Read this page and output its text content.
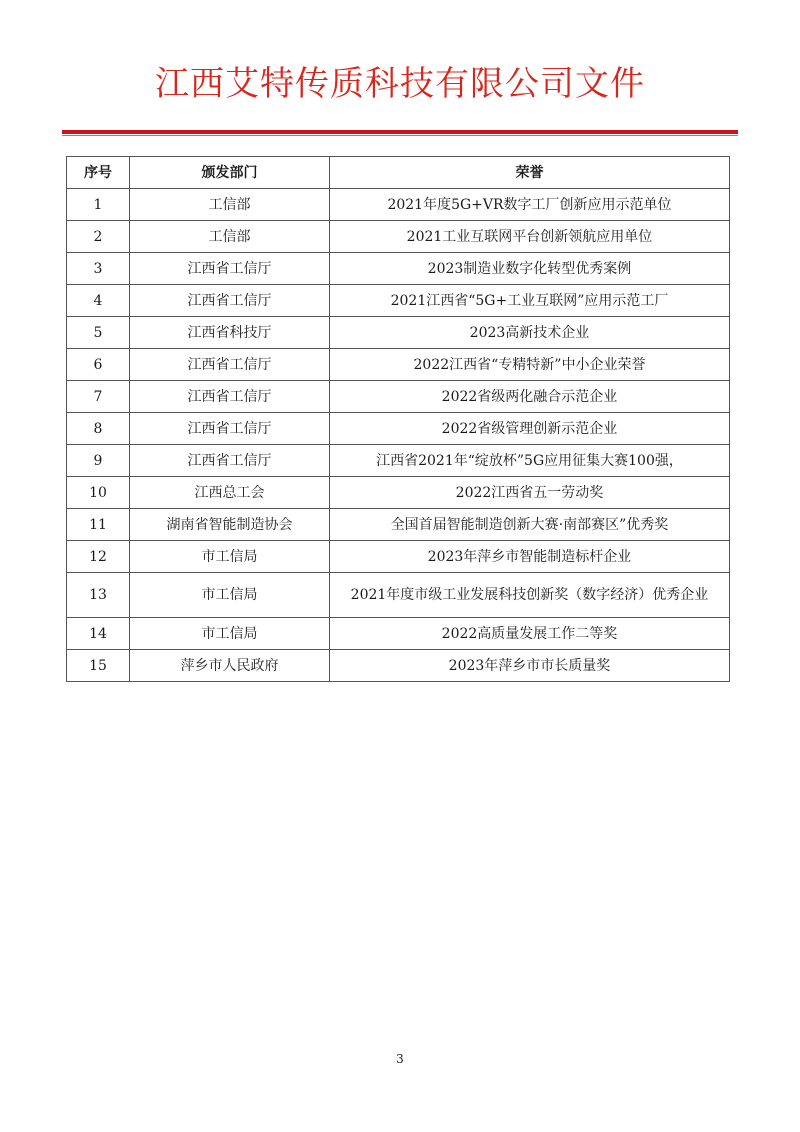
江西艾特传质科技有限公司文件
序号	颁发部门	荣誉
1	工信部	2021年度5G+VR数字工厂创新应用示范单位
2	工信部	2021工业互联网平台创新领航应用单位
3	江西省工信厅	2023制造业数字化转型优秀案例
4	江西省工信厅	2021江西省“5G+工业互联网”应用示范工厂
5	江西省科技厅	2023高新技术企业
6	江西省工信厅	2022江西省“专精特新”中小企业荣誉
7	江西省工信厅	2022省级两化融合示范企业
8	江西省工信厅	2022省级管理创新示范企业
9	江西省工信厅	江西省2021年“绽放杯”5G应用征集大赛100强，
10	江西总工会	2022江西省五一劳动奖
11	湖南省智能制造协会	全国首届智能制造创新大赛·南部赛区”优秀奖
12	市工信局	2023年萍乡市智能制造标杆企业
13	市工信局	2021年度市级工业发展科技创新奖（数字经济）优秀企业
14	市工信局	2022高质量发展工作二等奖
15	萍乡市人民政府	2023年萍乡市市长质量奖
3
